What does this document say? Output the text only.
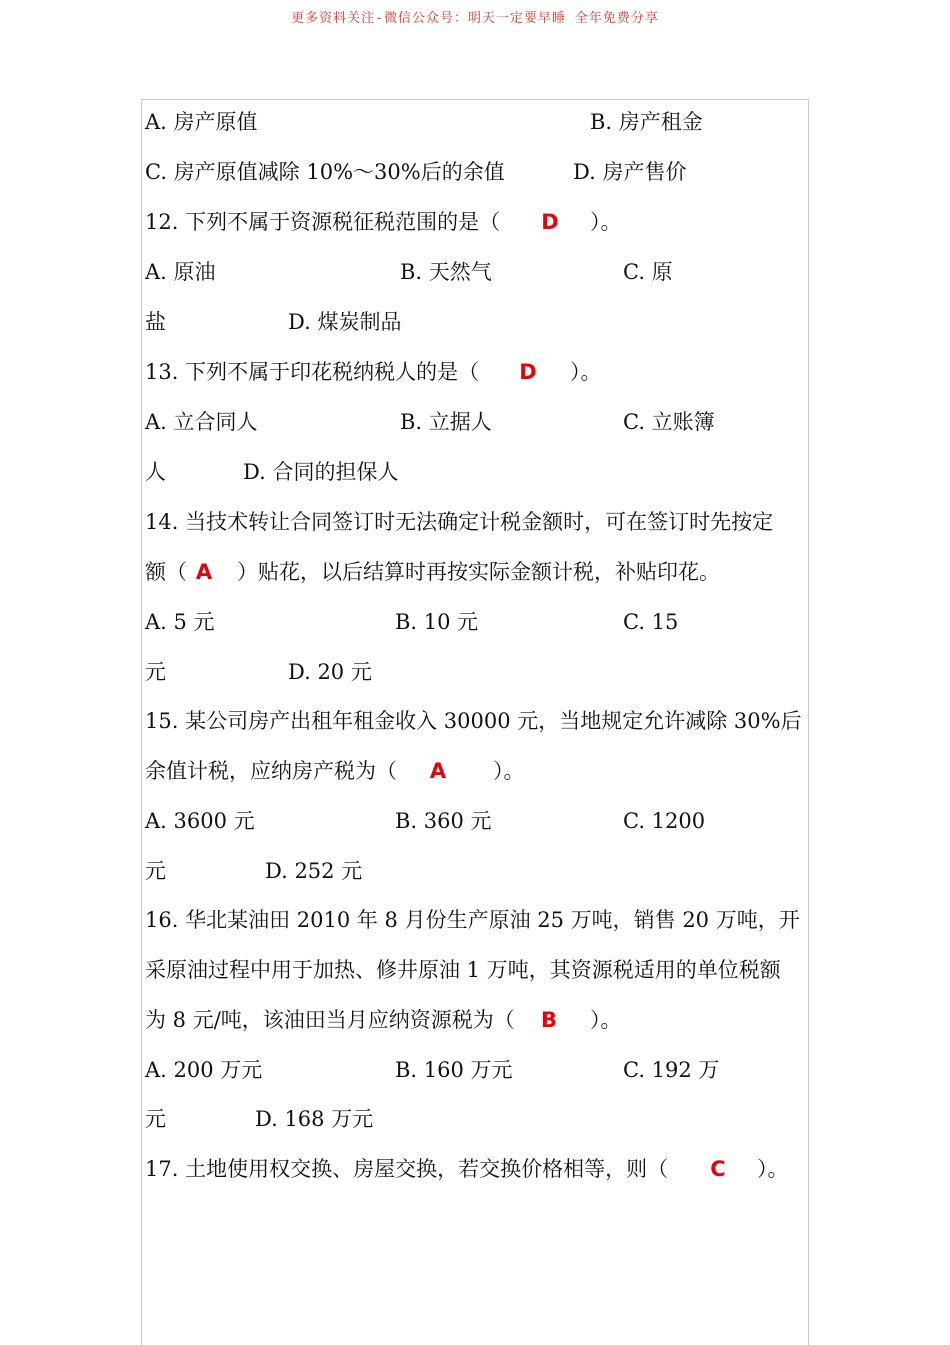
更多资料关注-微信公众号：明天一定要早睡 全年免费分享
A. 房产原值	B. 房产租金
C. 房产原值减除 10%～30%后的余值	D. 房产售价
12. 下列不属于资源税征税范围的是（	D	）。
A. 原油	B. 天然气	C. 原
盐	D. 煤炭制品
13. 下列不属于印花税纳税人的是（	D	）。
A. 立合同人	B. 立据人	C. 立账簿
人	D. 合同的担保人
14. 当技术转让合同签订时无法确定计税金额时，可在签订时先按定
额（ A	）贴花，以后结算时再按实际金额计税，补贴印花。
A. 5 元	B. 10 元	C. 15
元	D. 20 元
15. 某公司房产出租年租金收入 30000 元，当地规定允许减除 30%后
余值计税，应纳房产税为（	A	）。
A. 3600 元	B. 360 元	C. 1200
元	D. 252 元
16. 华北某油田 2010 年 8 月份生产原油 25 万吨，销售 20 万吨，开
采原油过程中用于加热、修井原油 1 万吨，其资源税适用的单位税额
为 8 元/吨，该油田当月应纳资源税为（	B	）。
A. 200 万元	B. 160 万元	C. 192 万
元	D. 168 万元
17. 土地使用权交换、房屋交换，若交换价格相等，则（	C	）。
